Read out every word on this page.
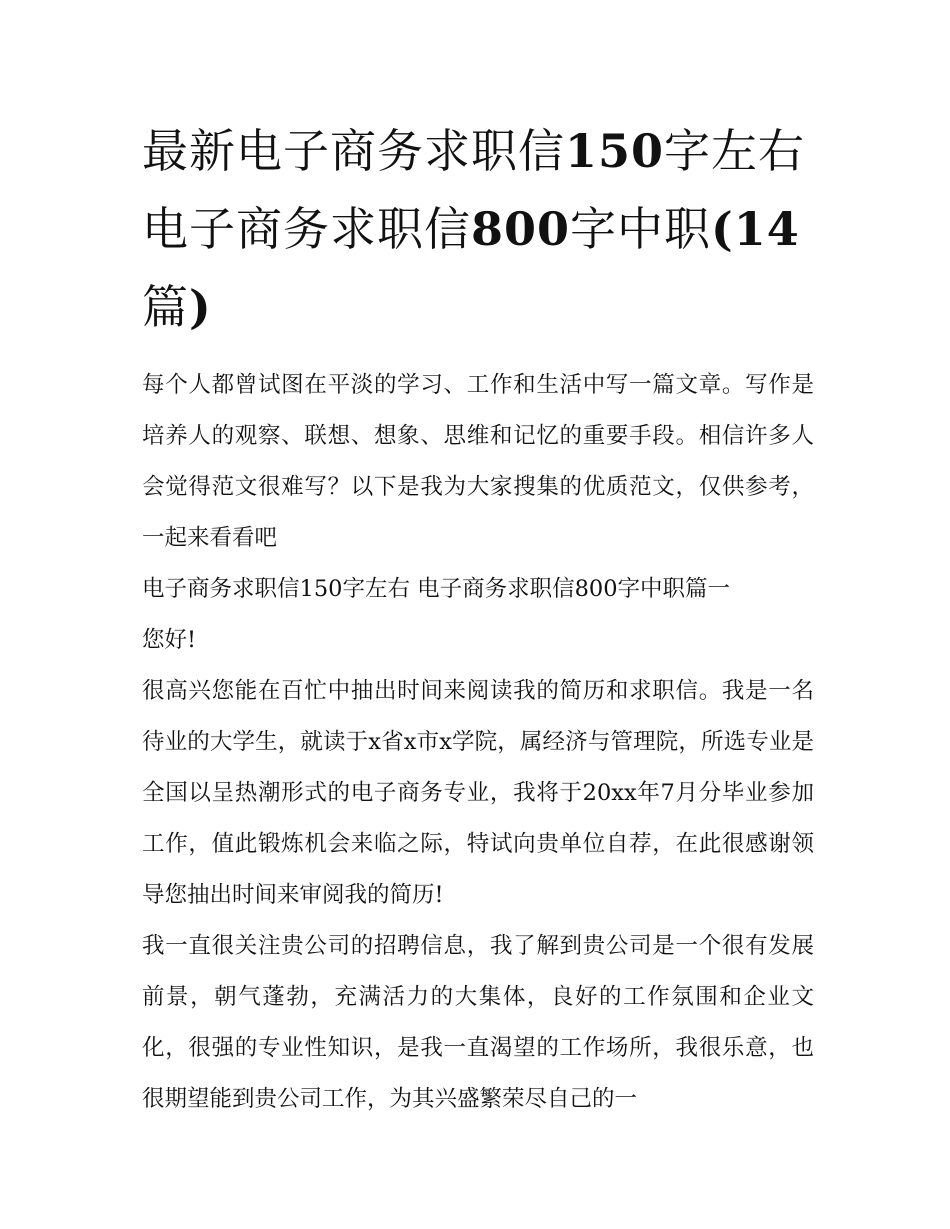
最新电子商务求职信150字左右 电子商务求职信800字中职(14篇)

每个人都曾试图在平淡的学习、工作和生活中写一篇文章。写作是培养人的观察、联想、想象、思维和记忆的重要手段。相信许多人会觉得范文很难写？以下是我为大家搜集的优质范文，仅供参考，一起来看看吧

电子商务求职信150字左右 电子商务求职信800字中职篇一

您好!

很高兴您能在百忙中抽出时间来阅读我的简历和求职信。我是一名待业的大学生，就读于x省x市x学院，属经济与管理院，所选专业是全国以呈热潮形式的电子商务专业，我将于20xx年7月分毕业参加工作，值此锻炼机会来临之际，特试向贵单位自荐，在此很感谢领导您抽出时间来审阅我的简历!

我一直很关注贵公司的招聘信息，我了解到贵公司是一个很有发展前景，朝气蓬勃，充满活力的大集体，良好的工作氛围和企业文化，很强的专业性知识，是我一直渴望的工作场所，我很乐意，也很期望能到贵公司工作，为其兴盛繁荣尽自己的一
